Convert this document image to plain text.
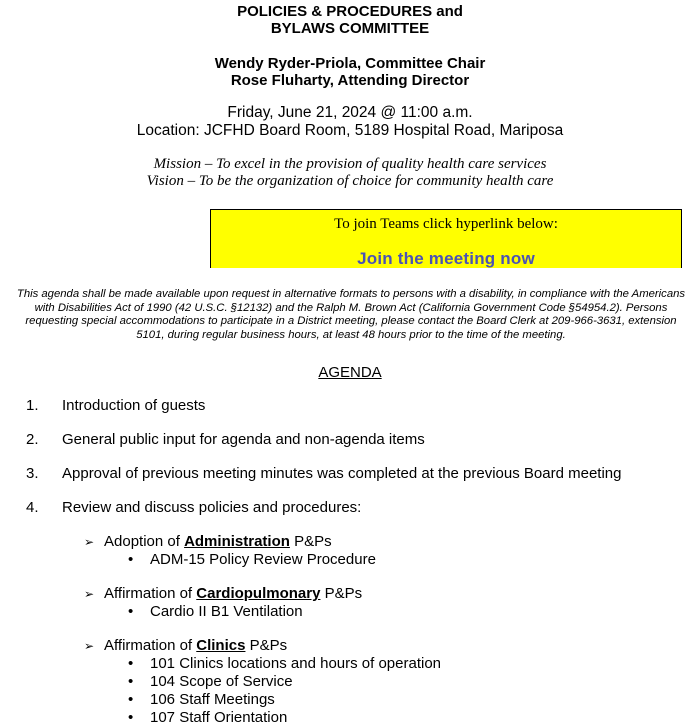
POLICIES & PROCEDURES and
BYLAWS COMMITTEE
Wendy Ryder-Priola, Committee Chair
Rose Fluharty, Attending Director
Friday, June 21, 2024 @ 11:00 a.m.
Location: JCFHD Board Room, 5189 Hospital Road, Mariposa
Mission – To excel in the provision of quality health care services
Vision – To be the organization of choice for community health care
To join Teams click hyperlink below:
Join the meeting now
This agenda shall be made available upon request in alternative formats to persons with a disability, in compliance with the Americans with Disabilities Act of 1990 (42 U.S.C. §12132) and the Ralph M. Brown Act (California Government Code §54954.2). Persons requesting special accommodations to participate in a District meeting, please contact the Board Clerk at 209-966-3631, extension 5101, during regular business hours, at least 48 hours prior to the time of the meeting.
AGENDA
1. Introduction of guests
2. General public input for agenda and non-agenda items
3. Approval of previous meeting minutes was completed at the previous Board meeting
4. Review and discuss policies and procedures:
➢ Adoption of Administration P&Ps
• ADM-15 Policy Review Procedure
➢ Affirmation of Cardiopulmonary P&Ps
• Cardio II B1 Ventilation
➢ Affirmation of Clinics P&Ps
• 101 Clinics locations and hours of operation
• 104 Scope of Service
• 106 Staff Meetings
• 107 Staff Orientation
